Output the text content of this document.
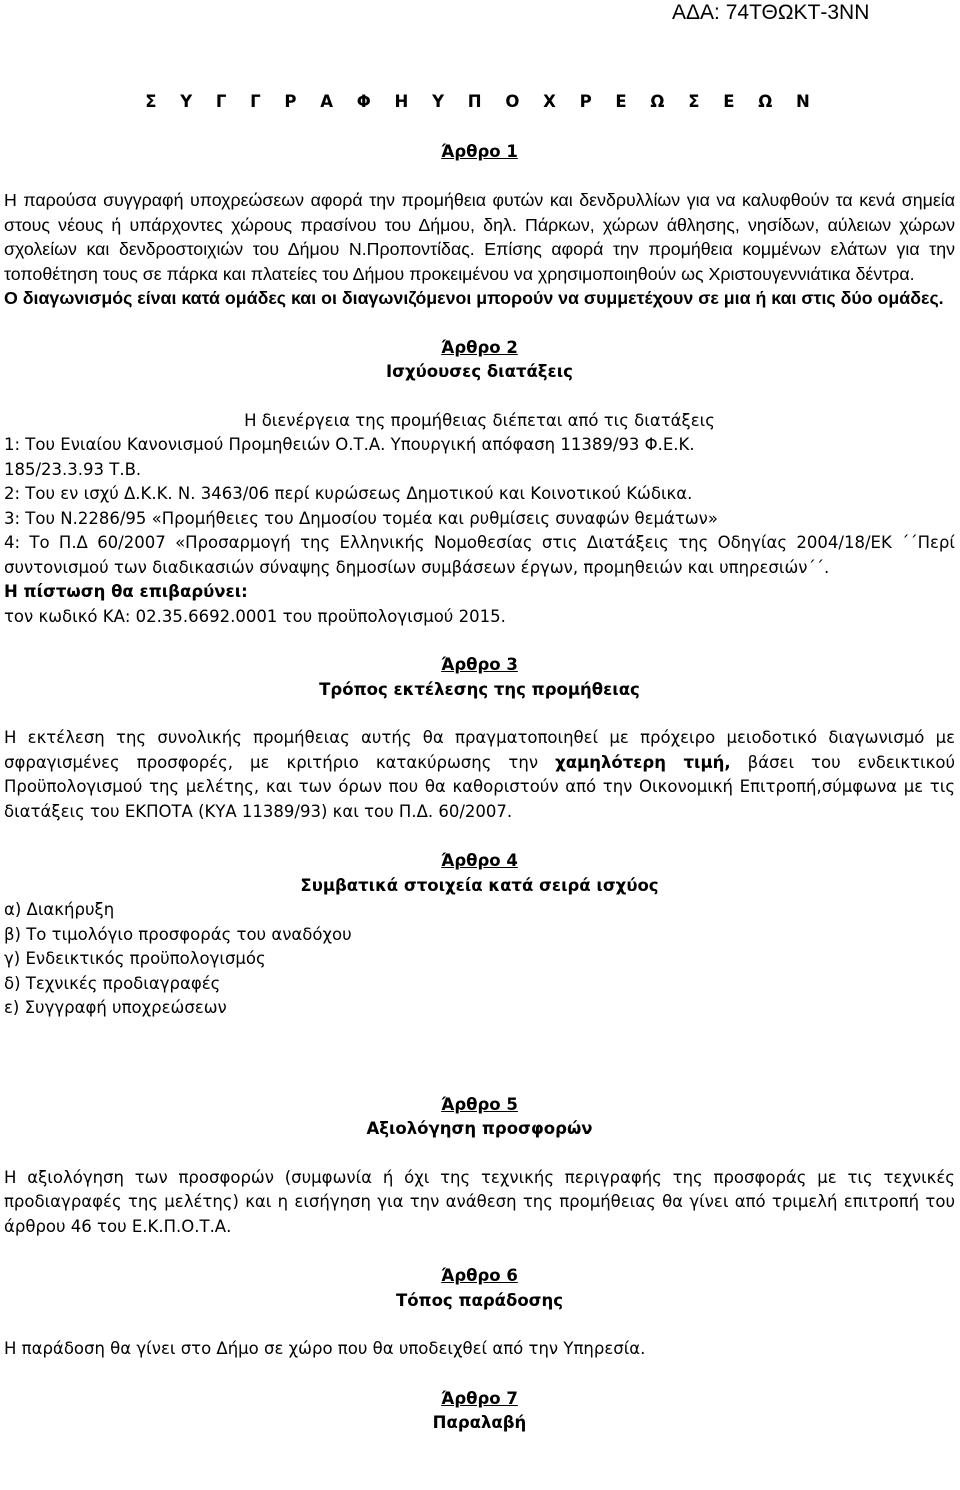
ΑΔΑ: 74ΤΘΩΚΤ-3ΝΝ
Σ Υ Γ Γ Ρ Α Φ Η Υ Π Ο Χ Ρ Ε Ω Σ Ε Ω Ν
Άρθρο 1

Η παρούσα συγγραφή υποχρεώσεων αφορά την προμήθεια φυτών και δενδρυλλίων για να καλυφθούν τα κενά σημεία στους νέους ή υπάρχοντες χώρους πρασίνου του Δήμου, δηλ. Πάρκων, χώρων άθλησης, νησίδων, αύλειων χώρων σχολείων και δενδροστοιχιών του Δήμου Ν.Προποντίδας. Επίσης αφορά την προμήθεια κομμένων ελάτων για την τοποθέτηση τους σε πάρκα και πλατείες του Δήμου προκειμένου να χρησιμοποιηθούν ως Χριστουγεννιάτικα δέντρα.

Ο διαγωνισμός είναι κατά ομάδες και οι διαγωνιζόμενοι μπορούν να συμμετέχουν σε μια ή και στις δύο ομάδες.

Άρθρο 2
Ισχύουσες διατάξεις

Η διενέργεια της προμήθειας διέπεται από τις διατάξεις

1: Του Ενιαίου Κανονισμού Προμηθειών Ο.Τ.Α. Υπουργική απόφαση 11389/93 Φ.Ε.Κ.

185/23.3.93 Τ.Β.

2: Του εν ισχύ Δ.Κ.Κ. Ν. 3463/06 περί κυρώσεως Δημοτικού και Κοινοτικού Κώδικα.

3: Του Ν.2286/95 «Προμήθειες του Δημοσίου τομέα και ρυθμίσεις συναφών θεμάτων»

4: Το Π.Δ 60/2007 «Προσαρμογή της Ελληνικής Νομοθεσίας στις Διατάξεις της Οδηγίας 2004/18/ΕΚ ΄΄Περί συντονισμού των διαδικασιών σύναψης δημοσίων συμβάσεων έργων, προμηθειών και υπηρεσιών΄΄.

Η πίστωση θα επιβαρύνει:

τον κωδικό ΚΑ: 02.35.6692.0001 του προϋπολογισμού 2015.

Άρθρο 3
Τρόπος εκτέλεσης της προμήθειας

Η εκτέλεση της συνολικής προμήθειας αυτής θα πραγματοποιηθεί με πρόχειρο μειοδοτικό διαγωνισμό με σφραγισμένες προσφορές, με κριτήριο κατακύρωσης την χαμηλότερη τιμή, βάσει του ενδεικτικού Προϋπολογισμού της μελέτης, και των όρων που θα καθοριστούν από την Οικονομική Επιτροπή,σύμφωνα με τις διατάξεις του ΕΚΠΟΤΑ (ΚΥΑ 11389/93) και του Π.Δ. 60/2007.

Άρθρο 4
Συμβατικά στοιχεία κατά σειρά ισχύος

α) Διακήρυξη

β) Το τιμολόγιο προσφοράς του αναδόχου

γ) Ενδεικτικός προϋπολογισμός

δ) Τεχνικές προδιαγραφές

ε) Συγγραφή υποχρεώσεων

Άρθρο 5
Αξιολόγηση προσφορών

Η αξιολόγηση των προσφορών (συμφωνία ή όχι της τεχνικής περιγραφής της προσφοράς με τις τεχνικές προδιαγραφές της μελέτης) και η εισήγηση για την ανάθεση της προμήθειας θα γίνει από τριμελή επιτροπή του άρθρου 46 του Ε.Κ.Π.Ο.Τ.Α.

Άρθρο 6
Τόπος παράδοσης

Η παράδοση θα γίνει στο Δήμο σε χώρο που θα υποδειχθεί από την Υπηρεσία.

Άρθρο 7
Παραλαβή
